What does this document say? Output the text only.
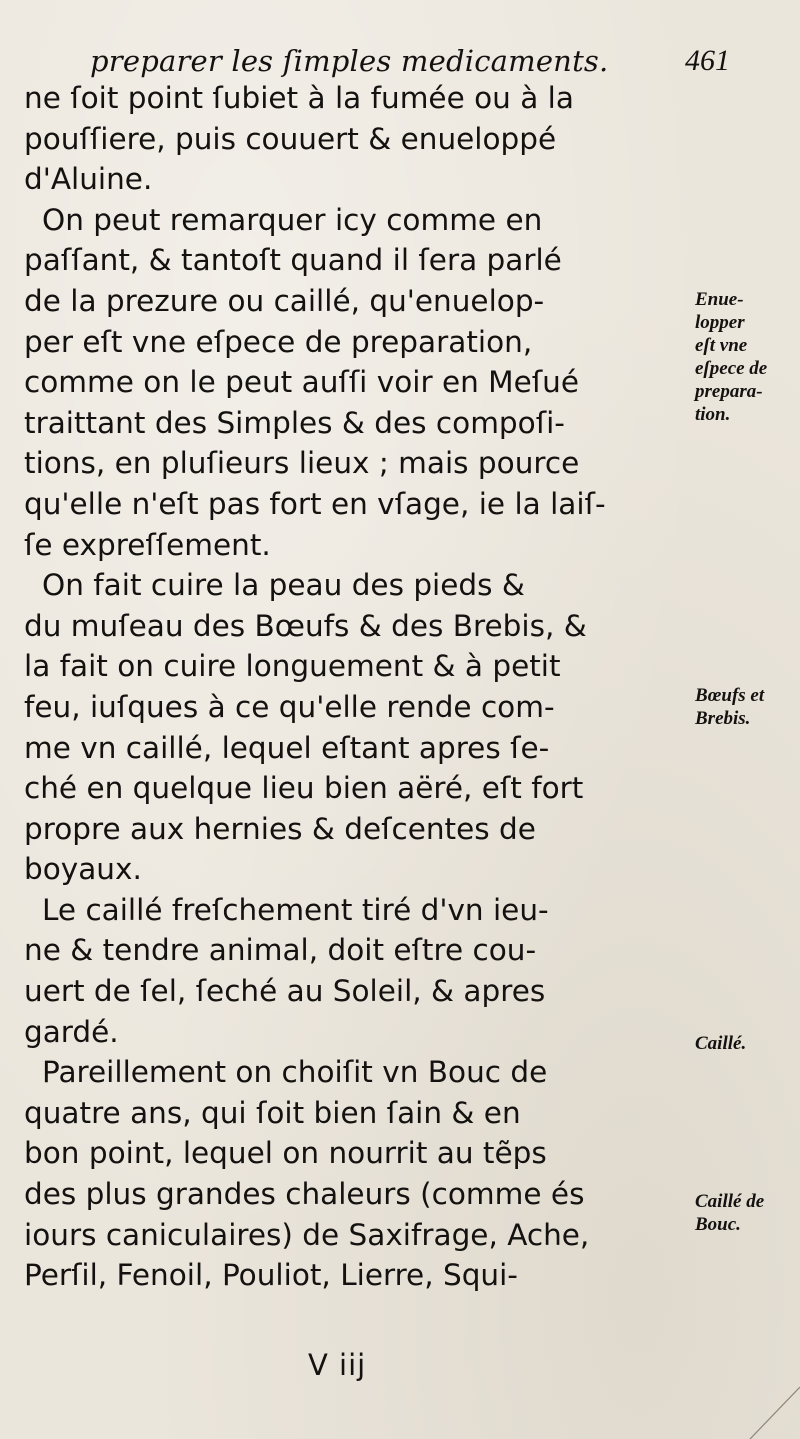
preparer les ſimples medicaments.	461
ne ſoit point ſubiet à la fumée ou à la
pouſſiere, puis couuert & enueloppé
d'Aluine.
On peut remarquer icy comme en
paſſant, & tantoſt quand il ſera parlé
de la prezure ou caillé, qu'enuelop-
per eſt vne eſpece de preparation,
comme on le peut auſſi voir en Meſué
traittant des Simples & des compoſi-
tions, en pluſieurs lieux ; mais pource
qu'elle n'eſt pas fort en vſage, ie la laiſ-
ſe expreſſement.
On fait cuire la peau des pieds &
du muſeau des Bœufs & des Brebis, &
la fait on cuire longuement & à petit
feu, iuſques à ce qu'elle rende com-
me vn caillé, lequel eſtant apres ſe-
ché en quelque lieu bien aëré, eſt fort
propre aux hernies & deſcentes de
boyaux.
Le caillé freſchement tiré d'vn ieu-
ne & tendre animal, doit eſtre cou-
uert de ſel, ſeché au Soleil, & apres
gardé.
Pareillement on choiſit vn Bouc de
quatre ans, qui ſoit bien ſain & en
bon point, lequel on nourrit au tẽps
des plus grandes chaleurs (comme és
iours caniculaires) de Saxifrage, Ache,
Perſil, Fenoil, Pouliot, Lierre, Squi-
Enue-
lopper
eſt vne
eſpece de
prepara-
tion.
Bœufs et
Brebis.
Caillé.
Caillé de
Bouc.
V iij
